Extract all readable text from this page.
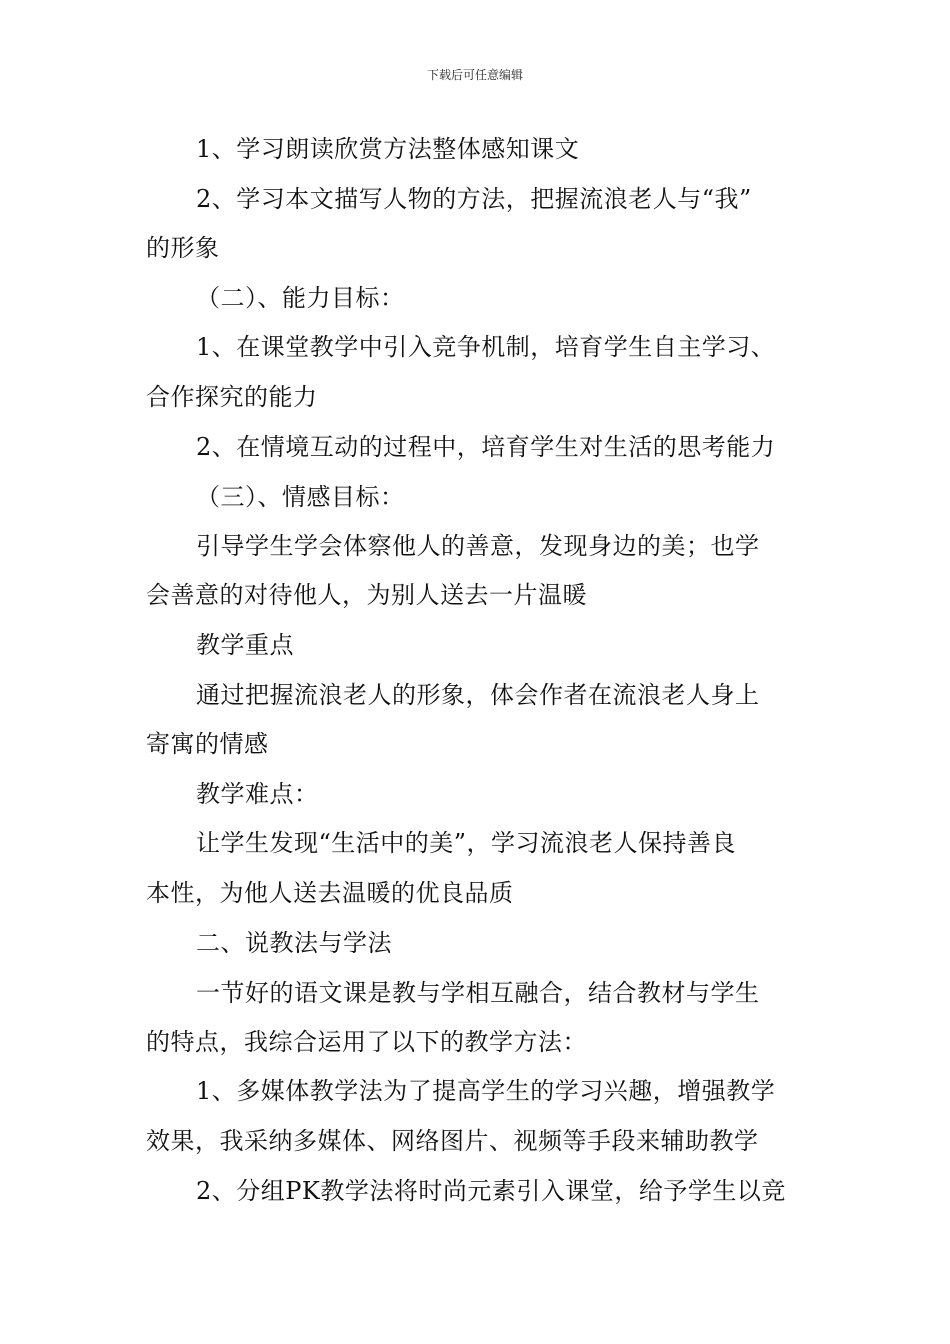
下载后可任意编辑
1、学习朗读欣赏方法整体感知课文
2、学习本文描写人物的方法，把握流浪老人与“我”
的形象
（二）、能力目标：
1、在课堂教学中引入竞争机制，培育学生自主学习、
合作探究的能力
2、在情境互动的过程中，培育学生对生活的思考能力
（三）、情感目标：
引导学生学会体察他人的善意，发现身边的美；也学
会善意的对待他人，为别人送去一片温暖
教学重点
通过把握流浪老人的形象，体会作者在流浪老人身上
寄寓的情感
教学难点：
让学生发现“生活中的美”，学习流浪老人保持善良
本性，为他人送去温暖的优良品质
二、说教法与学法
一节好的语文课是教与学相互融合，结合教材与学生
的特点，我综合运用了以下的教学方法：
1、多媒体教学法为了提高学生的学习兴趣，增强教学
效果，我采纳多媒体、网络图片、视频等手段来辅助教学
2、分组PK教学法将时尚元素引入课堂，给予学生以竞
